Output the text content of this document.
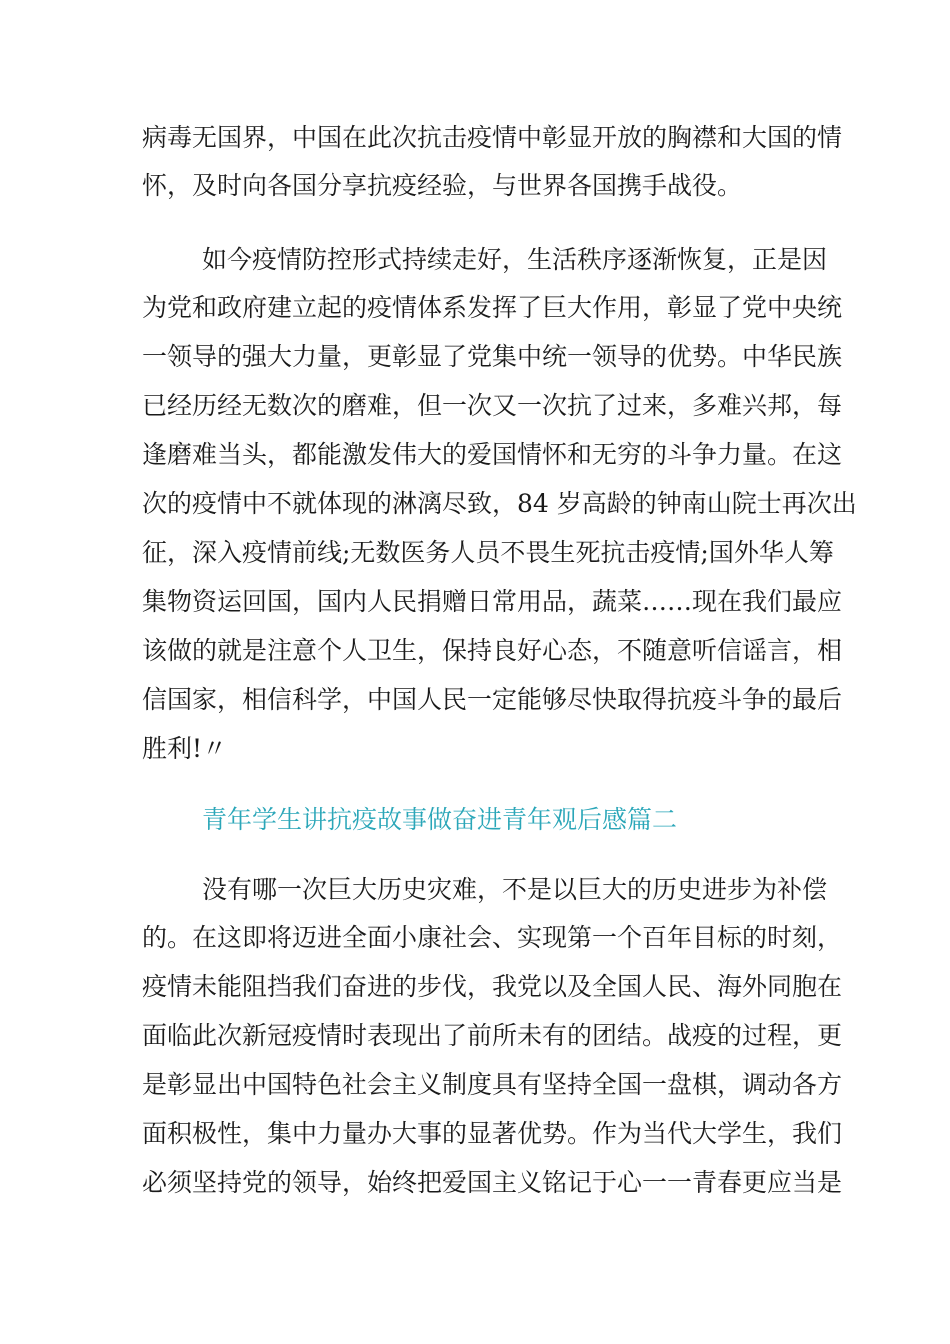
病毒无国界，中国在此次抗击疫情中彰显开放的胸襟和大国的情
怀，及时向各国分享抗疫经验，与世界各国携手战役。
如今疫情防控形式持续走好，生活秩序逐渐恢复，正是因
为党和政府建立起的疫情体系发挥了巨大作用，彰显了党中央统
一领导的强大力量，更彰显了党集中统一领导的优势。中华民族
已经历经无数次的磨难，但一次又一次抗了过来，多难兴邦，每
逢磨难当头，都能激发伟大的爱国情怀和无穷的斗争力量。在这
次的疫情中不就体现的淋漓尽致，84 岁高龄的钟南山院士再次出
征，深入疫情前线;无数医务人员不畏生死抗击疫情;国外华人筹
集物资运回国，国内人民捐赠日常用品，蔬菜……现在我们最应
该做的就是注意个人卫生，保持良好心态，不随意听信谣言，相
信国家，相信科学，中国人民一定能够尽快取得抗疫斗争的最后
胜利!〃
青年学生讲抗疫故事做奋进青年观后感篇二
没有哪一次巨大历史灾难，不是以巨大的历史进步为补偿
的。在这即将迈进全面小康社会、实现第一个百年目标的时刻，
疫情未能阻挡我们奋进的步伐，我党以及全国人民、海外同胞在
面临此次新冠疫情时表现出了前所未有的团结。战疫的过程，更
是彰显出中国特色社会主义制度具有坚持全国一盘棋，调动各方
面积极性，集中力量办大事的显著优势。作为当代大学生，我们
必须坚持党的领导，始终把爱国主义铭记于心一一青春更应当是
